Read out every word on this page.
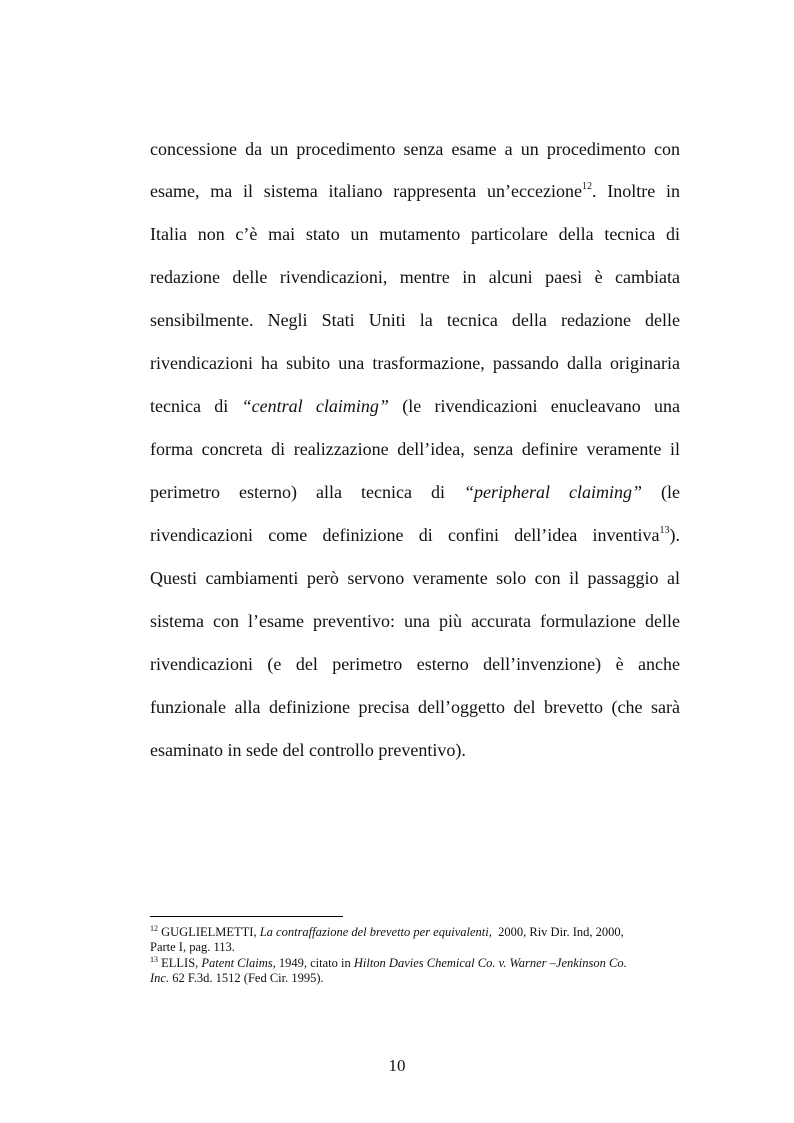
concessione da un procedimento senza esame a un procedimento con
esame, ma il sistema italiano rappresenta un’eccezione$^{12}$. Inoltre in
Italia non c’è mai stato un mutamento particolare della tecnica di
redazione delle rivendicazioni, mentre in alcuni paesi è cambiata
sensibilmente. Negli Stati Uniti la tecnica della redazione delle
rivendicazioni ha subito una trasformazione, passando dalla originaria
tecnica di “central claiming” (le rivendicazioni enucleavano una
forma concreta di realizzazione dell’idea, senza definire veramente il
perimetro esterno) alla tecnica di “peripheral claiming” (le
rivendicazioni come definizione di confini dell’idea inventiva$^{13}$).
Questi cambiamenti però servono veramente solo con il passaggio al
sistema con l’esame preventivo: una più accurata formulazione delle
rivendicazioni (e del perimetro esterno dell’invenzione) è anche
funzionale alla definizione precisa dell’oggetto del brevetto (che sarà
esaminato in sede del controllo preventivo).
$^{12}$ GUGLIELMETTI, La contraffazione del brevetto per equivalenti, 2000, Riv Dir. Ind, 2000,
Parte I, pag. 113.
$^{13}$ ELLIS, Patent Claims, 1949, citato in Hilton Davies Chemical Co. v. Warner –Jenkinson Co.
Inc. 62 F.3d. 1512 (Fed Cir. 1995).
10
